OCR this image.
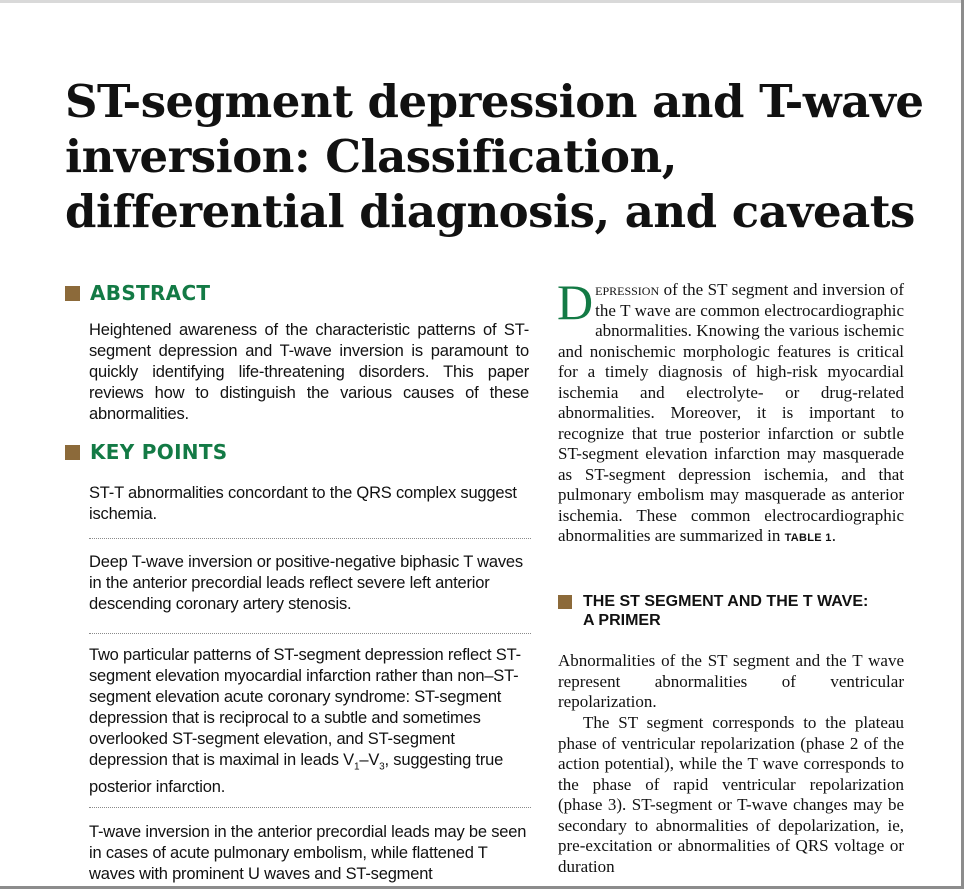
ST-segment depression and T-wave inversion: Classification, differential diagnosis, and caveats
ABSTRACT

Heightened awareness of the characteristic patterns of ST-segment depression and T-wave inversion is paramount to quickly identifying life-threatening disorders. This paper reviews how to distinguish the various causes of these abnormalities.

KEY POINTS

ST-T abnormalities concordant to the QRS complex suggest ischemia.

Deep T-wave inversion or positive-negative biphasic T waves in the anterior precordial leads reflect severe left anterior descending coronary artery stenosis.

Two particular patterns of ST-segment depression reflect ST-segment elevation myocardial infarction rather than non–ST-segment elevation acute coronary syndrome: ST-segment depression that is reciprocal to a subtle and sometimes overlooked ST-segment elevation, and ST-segment depression that is maximal in leads $V_1-V_3$, suggesting true posterior infarction.

T-wave inversion in the anterior precordial leads may be seen in cases of acute pulmonary embolism, while flattened T waves with prominent U waves and ST-segment

Depression of the ST segment and inversion of the T wave are common electrocardiographic abnormalities. Knowing the various ischemic and nonischemic morphologic features is critical for a timely diagnosis of high-risk myocardial ischemia and electrolyte- or drug-related abnormalities. Moreover, it is important to recognize that true posterior infarction or subtle ST-segment elevation infarction may masquerade as ST-segment depression ischemia, and that pulmonary embolism may masquerade as anterior ischemia. These common electrocardiographic abnormalities are summarized in TABLE 1.

THE ST SEGMENT AND THE T WAVE:
A PRIMER

Abnormalities of the ST segment and the T wave represent abnormalities of ventricular repolarization.

The ST segment corresponds to the plateau phase of ventricular repolarization (phase 2 of the action potential), while the T wave corresponds to the phase of rapid ventricular repolarization (phase 3). ST-segment or T-wave changes may be secondary to abnormalities of depolarization, ie, pre-excitation or abnormalities of QRS voltage or duration
